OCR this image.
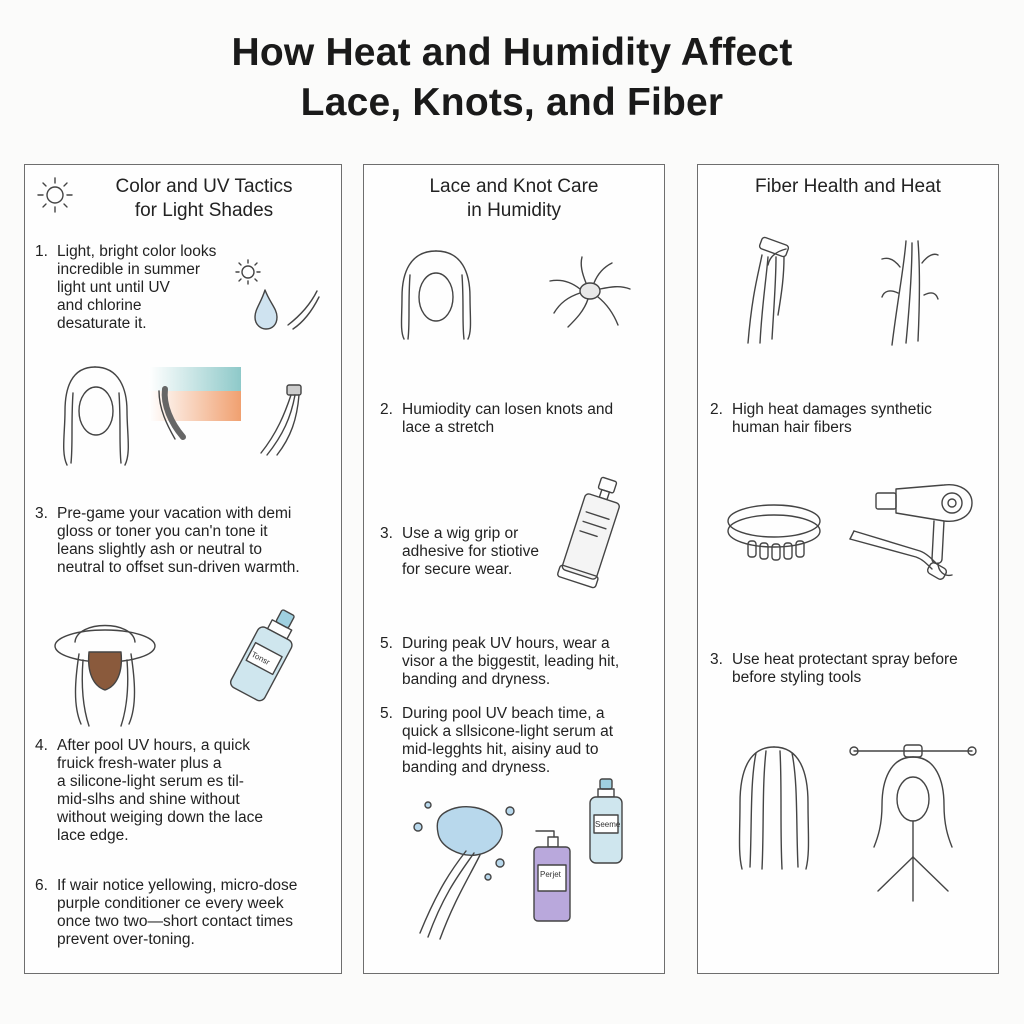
How Heat and Humidity Affect
Lace, Knots, and Fiber
Color and UV Tactics
for Light Shades
1. Light, bright color looks
incredible in summer
light unt until UV
and chlorine
desaturate it.
3. Pre-game your vacation with demi
gloss or toner you can'n tone it
leans slightly ash or neutral to
neutral to offset sun-driven warmth.
Tonsr
4. After pool UV hours, a quick
fruick fresh-water plus a
a silicone-light serum es til-
mid-slhs and shine without
without weiging down the lace
lace edge.
6. If wair notice yellowing, micro-dose
purple conditioner ce every week
once two two—short contact times
prevent over-toning.
Lace and Knot Care
in Humidity
2. Humiodity can losen knots and
lace a stretch
3. Use a wig grip or
adhesive for stiotive
for secure wear.
5. During peak UV hours, wear a
visor a the biggestit, leading hit,
banding and dryness.
5. During pool UV beach time, a
quick a sllsicone-light serum at
mid-legghts hit, aisiny aud to
banding and dryness.
Perjet
Seeme
Fiber Health and Heat
2. High heat damages synthetic
human hair fibers
3. Use heat protectant spray before
before styling tools
